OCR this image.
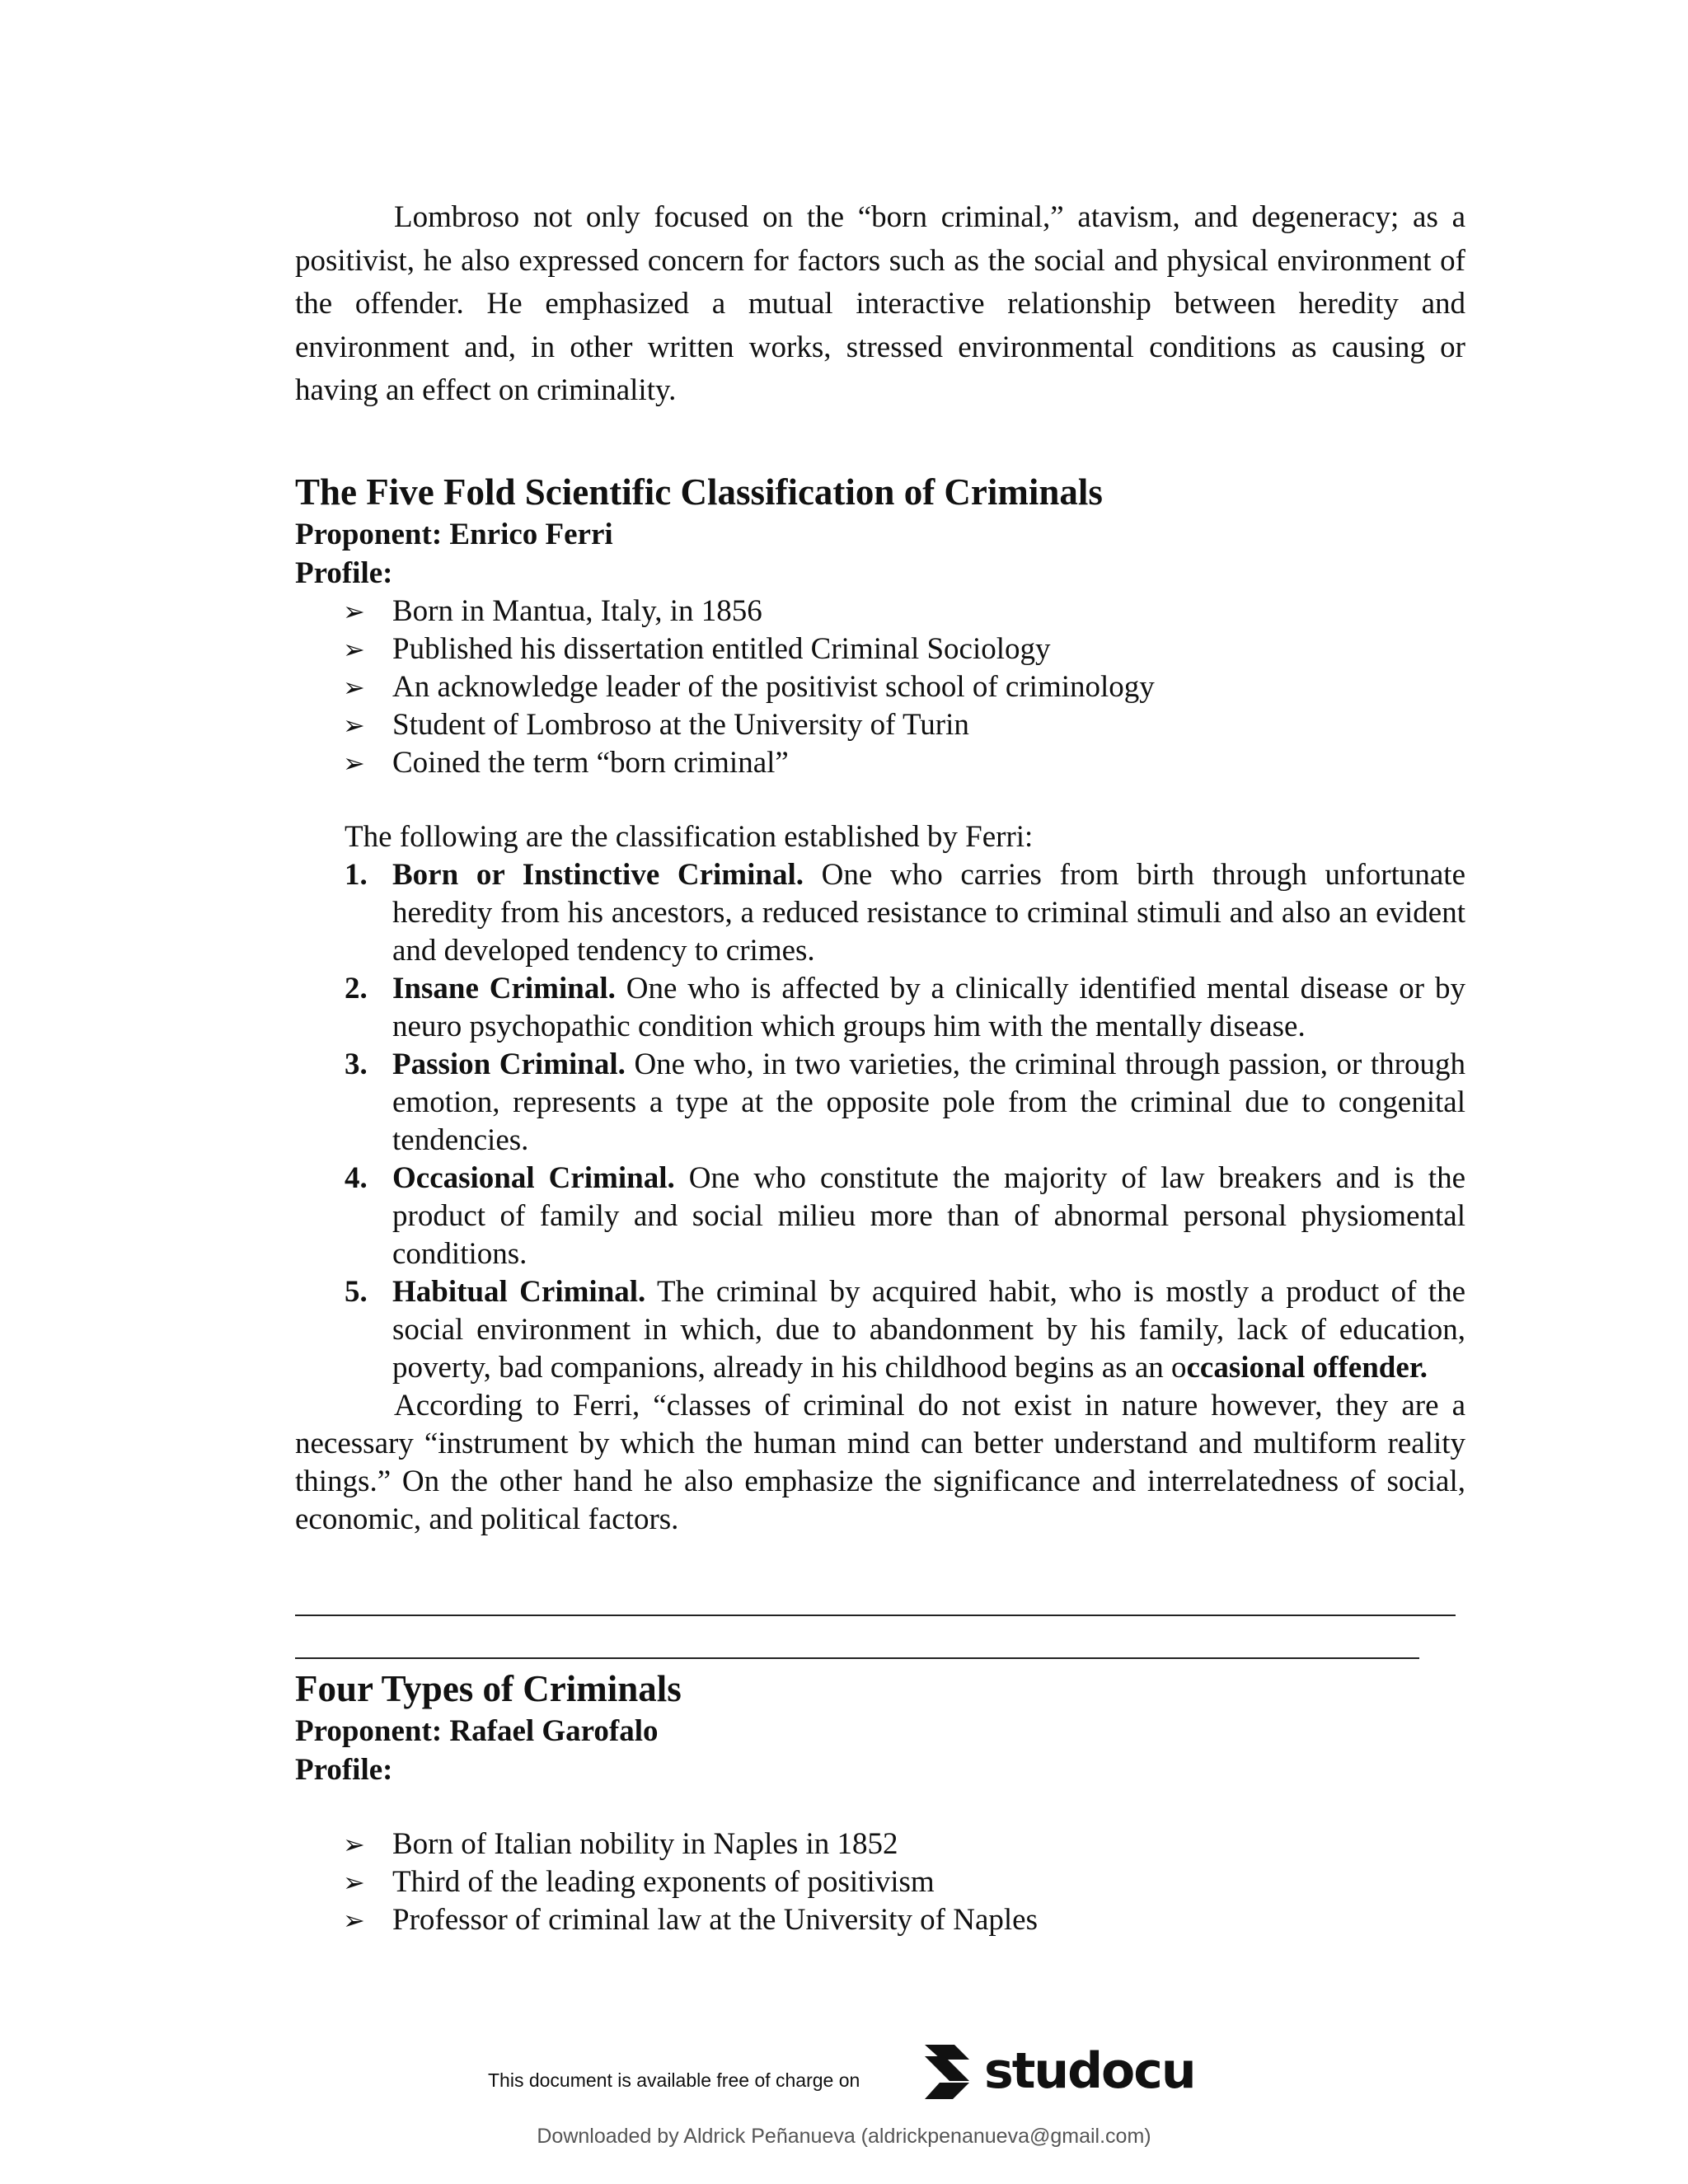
Lombroso not only focused on the “born criminal,” atavism, and degeneracy; as a positivist, he also expressed concern for factors such as the social and physical environment of the offender. He emphasized a mutual interactive relationship between heredity and environment and, in other written works, stressed environmental conditions as causing or having an effect on criminality.

The Five Fold Scientific Classification of Criminals

Proponent: Enrico Ferri

Profile:

➢ Born in Mantua, Italy, in 1856
➢ Published his dissertation entitled Criminal Sociology
➢ An acknowledge leader of the positivist school of criminology
➢ Student of Lombroso at the University of Turin
➢ Coined the term “born criminal”
The following are the classification established by Ferri:
1. Born or Instinctive Criminal. One who carries from birth through unfortunate heredity from his ancestors, a reduced resistance to criminal stimuli and also an evident and developed tendency to crimes.
2. Insane Criminal. One who is affected by a clinically identified mental disease or by neuro psychopathic condition which groups him with the mentally disease.
3. Passion Criminal. One who, in two varieties, the criminal through passion, or through emotion, represents a type at the opposite pole from the criminal due to congenital tendencies.
4. Occasional Criminal. One who constitute the majority of law breakers and is the product of family and social milieu more than of abnormal personal physiomental conditions.
5. Habitual Criminal. The criminal by acquired habit, who is mostly a product of the social environment in which, due to abandonment by his family, lack of education, poverty, bad companions, already in his childhood begins as an occasional offender.

According to Ferri, “classes of criminal do not exist in nature however, they are a necessary “instrument by which the human mind can better understand and multiform reality things.” On the other hand he also emphasize the significance and interrelatedness of social, economic, and political factors.

Four Types of Criminals

Proponent: Rafael Garofalo

Profile:

➢ Born of Italian nobility in Naples in 1852
➢ Third of the leading exponents of positivism
➢ Professor of criminal law at the University of Naples
This document is available free of charge on	studocu
Downloaded by Aldrick Peñanueva (aldrickpenanueva@gmail.com)
